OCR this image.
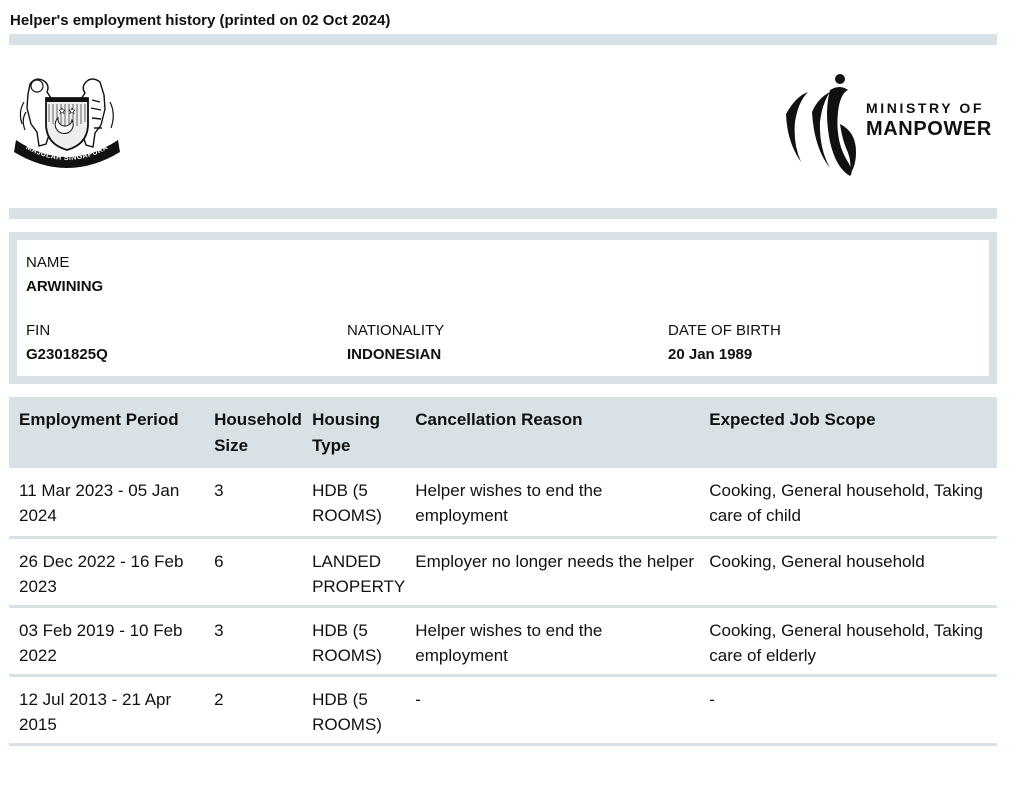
Helper's employment history (printed on 02 Oct 2024)
MAJULAH SINGAPURA
MINISTRY OF
MANPOWER
NAME
ARWINING
FIN
G2301825Q
NATIONALITY
INDONESIAN
DATE OF BIRTH
20 Jan 1989
Employment Period	Household Size	Housing Type	Cancellation Reason	Expected Job Scope
11 Mar 2023 - 05 Jan 2024	3	HDB (5 ROOMS)	Helper wishes to end the employment	Cooking, General household, Taking care of child
26 Dec 2022 - 16 Feb 2023	6	LANDED PROPERTY	Employer no longer needs the helper	Cooking, General household
03 Feb 2019 - 10 Feb 2022	3	HDB (5 ROOMS)	Helper wishes to end the employment	Cooking, General household, Taking care of elderly
12 Jul 2013 - 21 Apr 2015	2	HDB (5 ROOMS)	-	-
